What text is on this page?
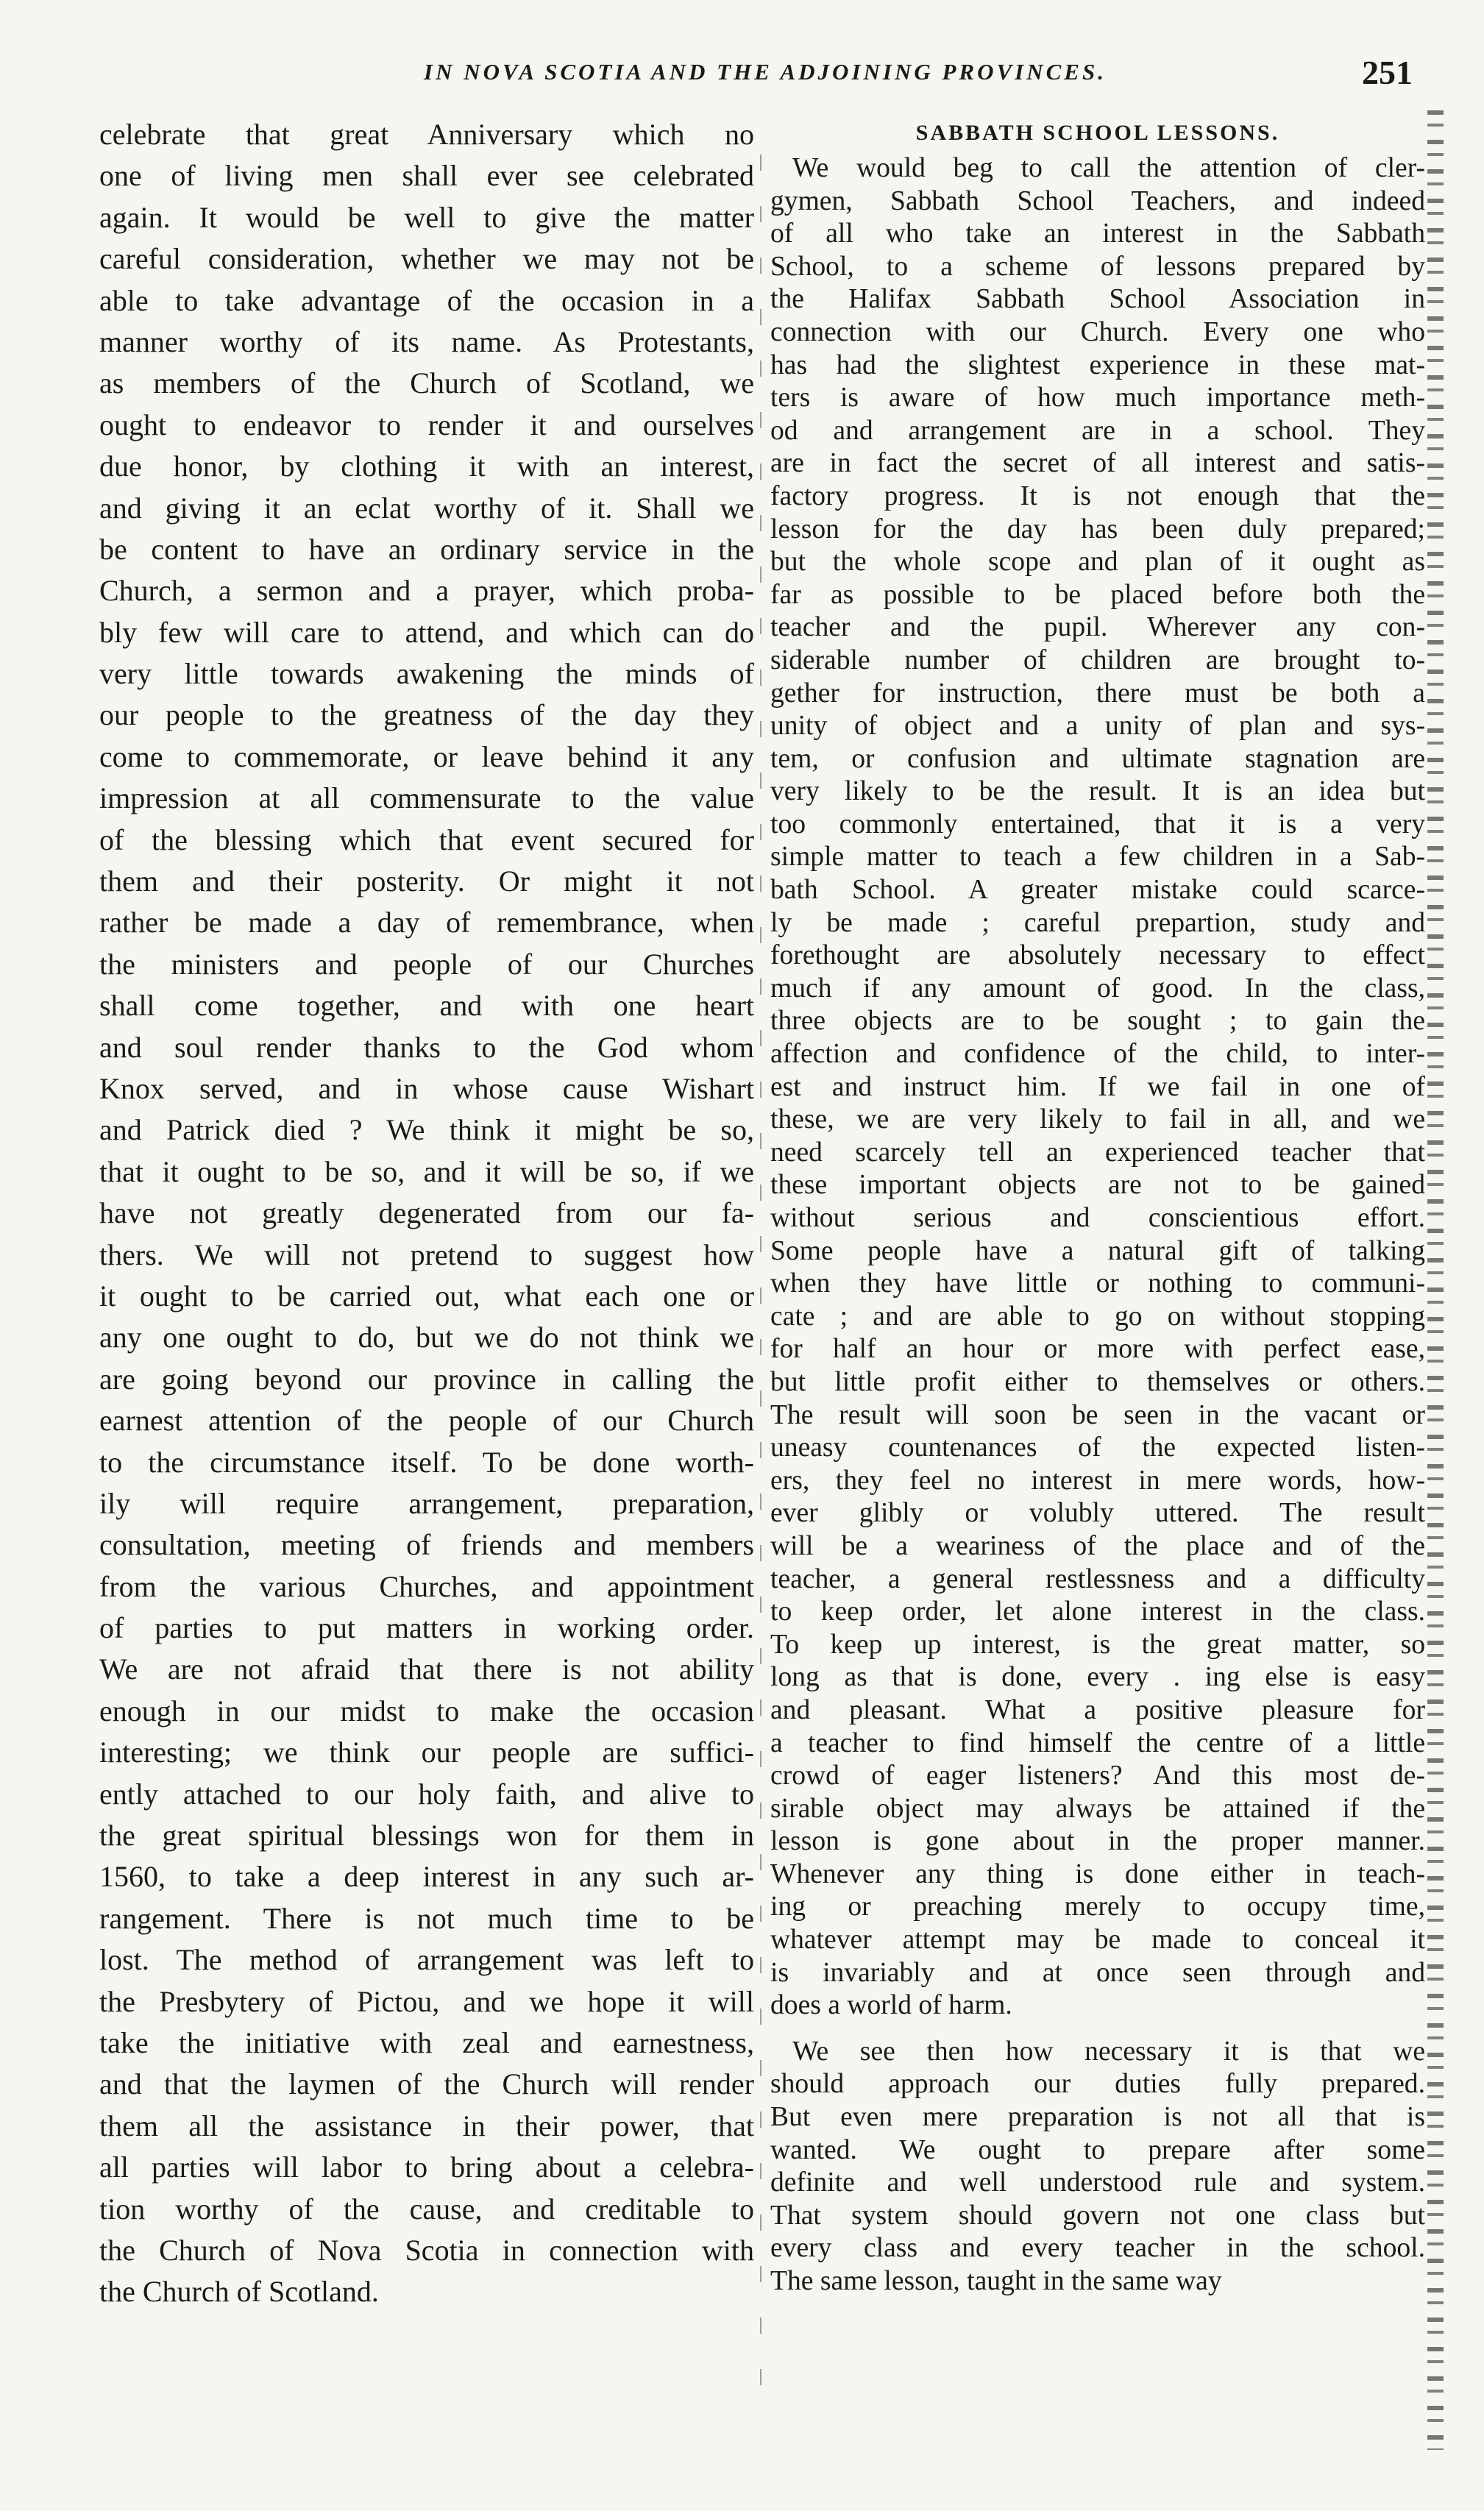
IN NOVA SCOTIA AND THE ADJOINING PROVINCES.	251
celebrate that great Anniversary which no
one of living men shall ever see celebrated
again. It would be well to give the matter
careful consideration, whether we may not be
able to take advantage of the occasion in a
manner worthy of its name. As Protestants,
as members of the Church of Scotland, we
ought to endeavor to render it and ourselves
due honor, by clothing it with an interest,
and giving it an eclat worthy of it. Shall we
be content to have an ordinary service in the
Church, a sermon and a prayer, which proba-
bly few will care to attend, and which can do
very little towards awakening the minds of
our people to the greatness of the day they
come to commemorate, or leave behind it any
impression at all commensurate to the value
of the blessing which that event secured for
them and their posterity. Or might it not
rather be made a day of remembrance, when
the ministers and people of our Churches
shall come together, and with one heart
and soul render thanks to the God whom
Knox served, and in whose cause Wishart
and Patrick died ? We think it might be so,
that it ought to be so, and it will be so, if we
have not greatly degenerated from our fa-
thers. We will not pretend to suggest how
it ought to be carried out, what each one or
any one ought to do, but we do not think we
are going beyond our province in calling the
earnest attention of the people of our Church
to the circumstance itself. To be done worth-
ily will require arrangement, preparation,
consultation, meeting of friends and members
from the various Churches, and appointment
of parties to put matters in working order.
We are not afraid that there is not ability
enough in our midst to make the occasion
interesting; we think our people are suffici-
ently attached to our holy faith, and alive to
the great spiritual blessings won for them in
1560, to take a deep interest in any such ar-
rangement. There is not much time to be
lost. The method of arrangement was left to
the Presbytery of Pictou, and we hope it will
take the initiative with zeal and earnestness,
and that the laymen of the Church will render
them all the assistance in their power, that
all parties will labor to bring about a celebra-
tion worthy of the cause, and creditable to
the Church of Nova Scotia in connection with
the Church of Scotland.
SABBATH SCHOOL LESSONS.
We would beg to call the attention of cler-
gymen, Sabbath School Teachers, and indeed
of all who take an interest in the Sabbath
School, to a scheme of lessons prepared by
the Halifax Sabbath School Association in
connection with our Church. Every one who
has had the slightest experience in these mat-
ters is aware of how much importance meth-
od and arrangement are in a school. They
are in fact the secret of all interest and satis-
factory progress. It is not enough that the
lesson for the day has been duly prepared;
but the whole scope and plan of it ought as
far as possible to be placed before both the
teacher and the pupil. Wherever any con-
siderable number of children are brought to-
gether for instruction, there must be both a
unity of object and a unity of plan and sys-
tem, or confusion and ultimate stagnation are
very likely to be the result. It is an idea but
too commonly entertained, that it is a very
simple matter to teach a few children in a Sab-
bath School. A greater mistake could scarce-
ly be made ; careful prepartion, study and
forethought are absolutely necessary to effect
much if any amount of good. In the class,
three objects are to be sought ; to gain the
affection and confidence of the child, to inter-
est and instruct him. If we fail in one of
these, we are very likely to fail in all, and we
need scarcely tell an experienced teacher that
these important objects are not to be gained
without serious and conscientious effort.
Some people have a natural gift of talking
when they have little or nothing to communi-
cate ; and are able to go on without stopping
for half an hour or more with perfect ease,
but little profit either to themselves or others.
The result will soon be seen in the vacant or
uneasy countenances of the expected listen-
ers, they feel no interest in mere words, how-
ever glibly or volubly uttered. The result
will be a weariness of the place and of the
teacher, a general restlessness and a difficulty
to keep order, let alone interest in the class.
To keep up interest, is the great matter, so
long as that is done, every . ing else is easy
and pleasant. What a positive pleasure for
a teacher to find himself the centre of a little
crowd of eager listeners? And this most de-
sirable object may always be attained if the
lesson is gone about in the proper manner.
Whenever any thing is done either in teach-
ing or preaching merely to occupy time,
whatever attempt may be made to conceal it
is invariably and at once seen through and
does a world of harm.
We see then how necessary it is that we
should approach our duties fully prepared.
But even mere preparation is not all that is
wanted. We ought to prepare after some
definite and well understood rule and system.
That system should govern not one class but
every class and every teacher in the school.
The same lesson, taught in the same way
